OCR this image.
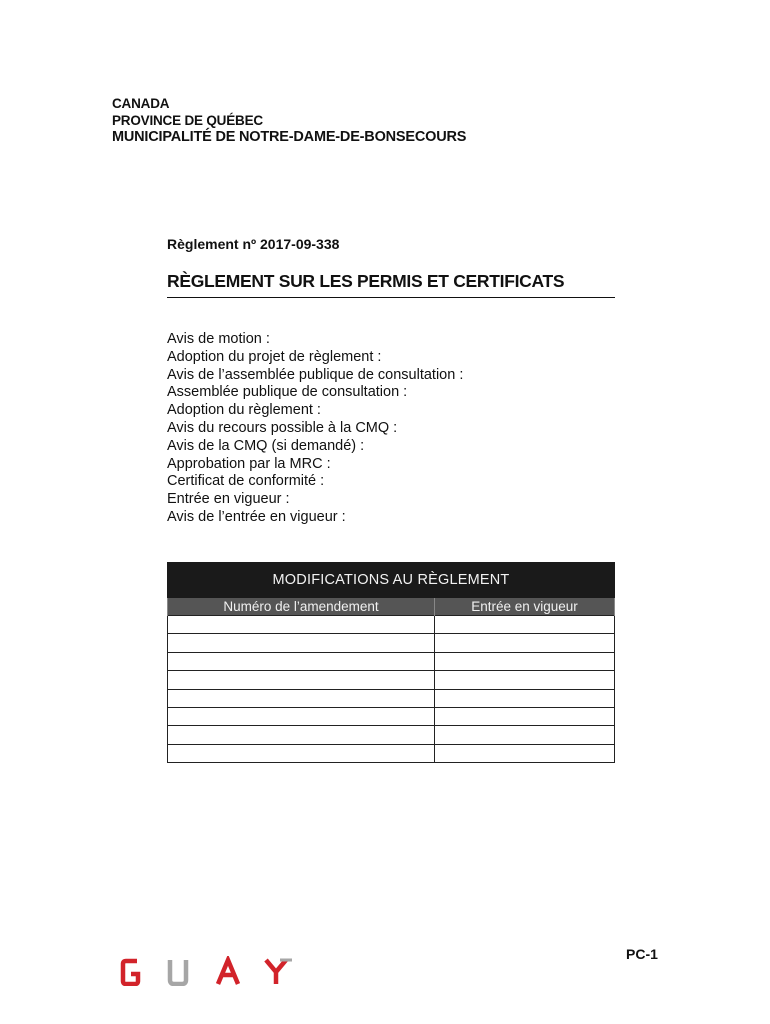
CANADA
PROVINCE DE QUÉBEC
MUNICIPALITÉ DE NOTRE-DAME-DE-BONSECOURS
Règlement nº 2017-09-338
RÈGLEMENT SUR LES PERMIS ET CERTIFICATS
Avis de motion :
Adoption du projet de règlement :
Avis de l’assemblée publique de consultation :
Assemblée publique de consultation :
Adoption du règlement :
Avis du recours possible à la CMQ :
Avis de la CMQ (si demandé) :
Approbation par la MRC :
Certificat de conformité :
Entrée en vigueur :
Avis de l’entrée en vigueur :
MODIFICATIONS AU RÈGLEMENT	
Numéro de l’amendement	Entrée en vigueur

PC-1
